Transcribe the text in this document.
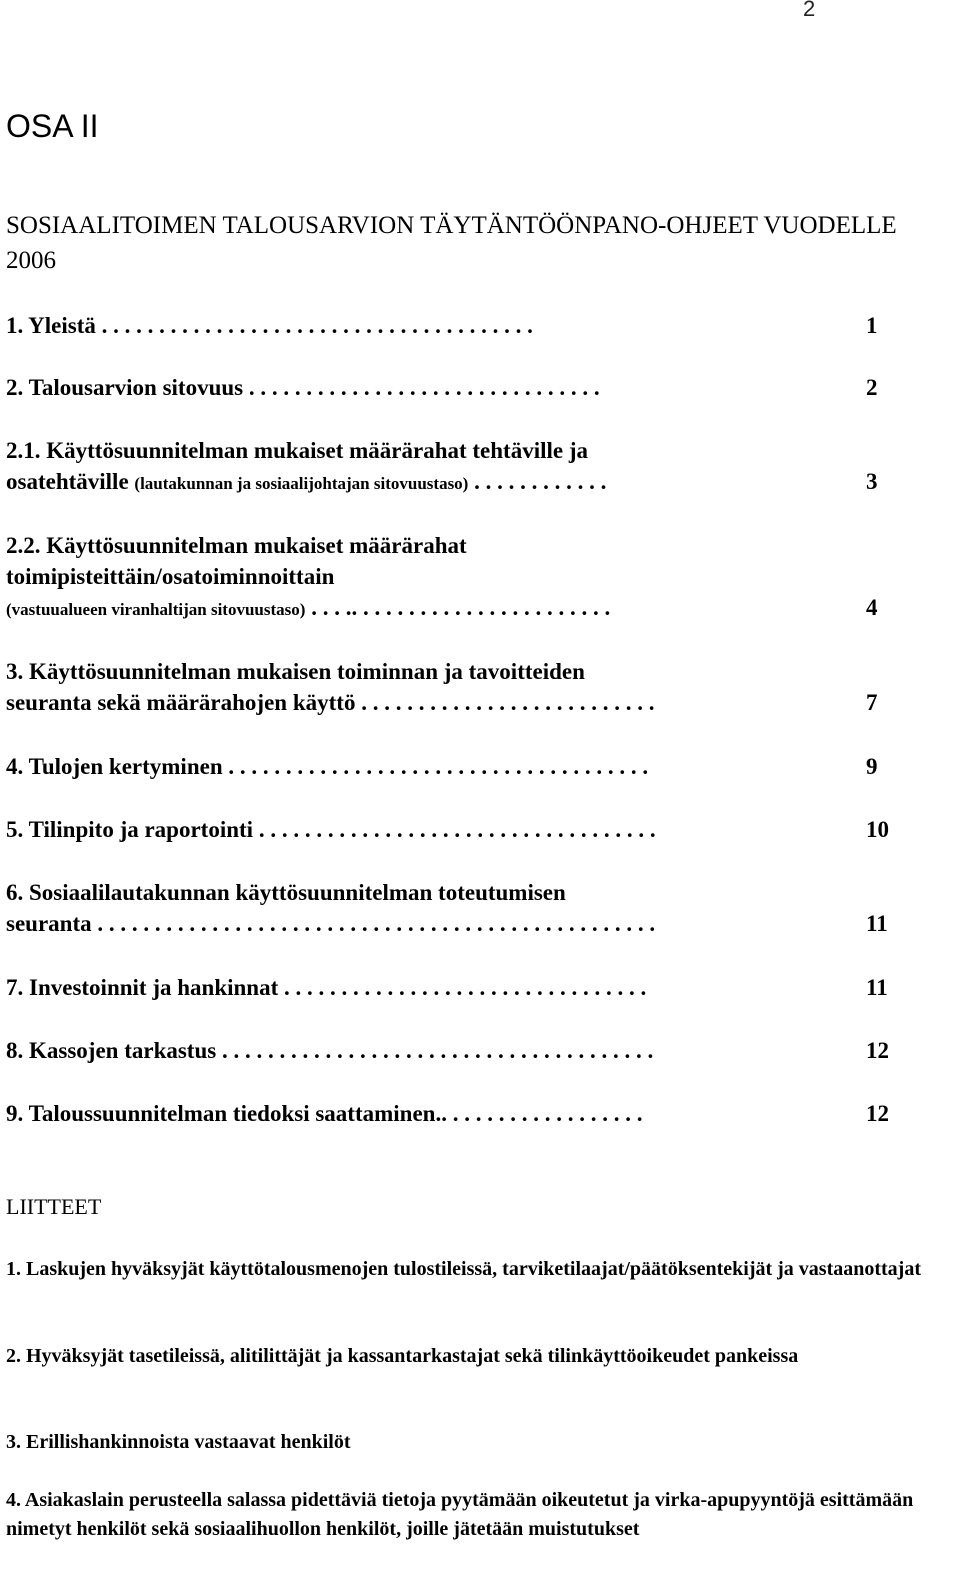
2
OSA II
SOSIAALITOIMEN TALOUSARVION TÄYTÄNTÖÖNPANO-OHJEET VUODELLE 2006
1. Yleistä . . . . . . . . . . . . . . . . . . . . . . . . . . . . . . . . . . . . . .	1
2. Talousarvion sitovuus . . . . . . . . . . . . . . . . . . . . . . . . . . . . . . .	2
2.1. Käyttösuunnitelman mukaiset määrärahat tehtäville ja
osatehtäville (lautakunnan ja sosiaalijohtajan sitovuustaso) . . . . . . . . . . . .	3
2.2. Käyttösuunnitelman mukaiset määrärahat
toimipisteittäin/osatoiminnoittain
(vastuualueen viranhaltijan sitovuustaso) . . . .. . . . . . . . . . . . . . . . . . . . . . .	4
3. Käyttösuunnitelman mukaisen toiminnan ja tavoitteiden
seuranta sekä määrärahojen käyttö . . . . . . . . . . . . . . . . . . . . . . . . . .	7
4. Tulojen kertyminen . . . . . . . . . . . . . . . . . . . . . . . . . . . . . . . . . . . . .	9
5. Tilinpito ja raportointi . . . . . . . . . . . . . . . . . . . . . . . . . . . . . . . . . . .	10
6. Sosiaalilautakunnan käyttösuunnitelman toteutumisen
seuranta . . . . . . . . . . . . . . . . . . . . . . . . . . . . . . . . . . . . . . . . . . . . . . . . .	11
7. Investoinnit ja hankinnat . . . . . . . . . . . . . . . . . . . . . . . . . . . . . . . .	11
8. Kassojen tarkastus . . . . . . . . . . . . . . . . . . . . . . . . . . . . . . . . . . . . . .	12
9. Taloussuunnitelman tiedoksi saattaminen.. . . . . . . . . . . . . . . . . .	12
LIITTEET
1. Laskujen hyväksyjät käyttötalousmenojen tulostileissä, tarviketilaajat/päätöksentekijät ja vastaanottajat
2. Hyväksyjät tasetileissä, alitilittäjät ja kassantarkastajat sekä tilinkäyttöoikeudet pankeissa
3. Erillishankinnoista vastaavat henkilöt
4. Asiakaslain perusteella salassa pidettäviä tietoja pyytämään oikeutetut ja virka-apupyyntöjä esittämään nimetyt henkilöt sekä sosiaalihuollon henkilöt, joille jätetään muistutukset
